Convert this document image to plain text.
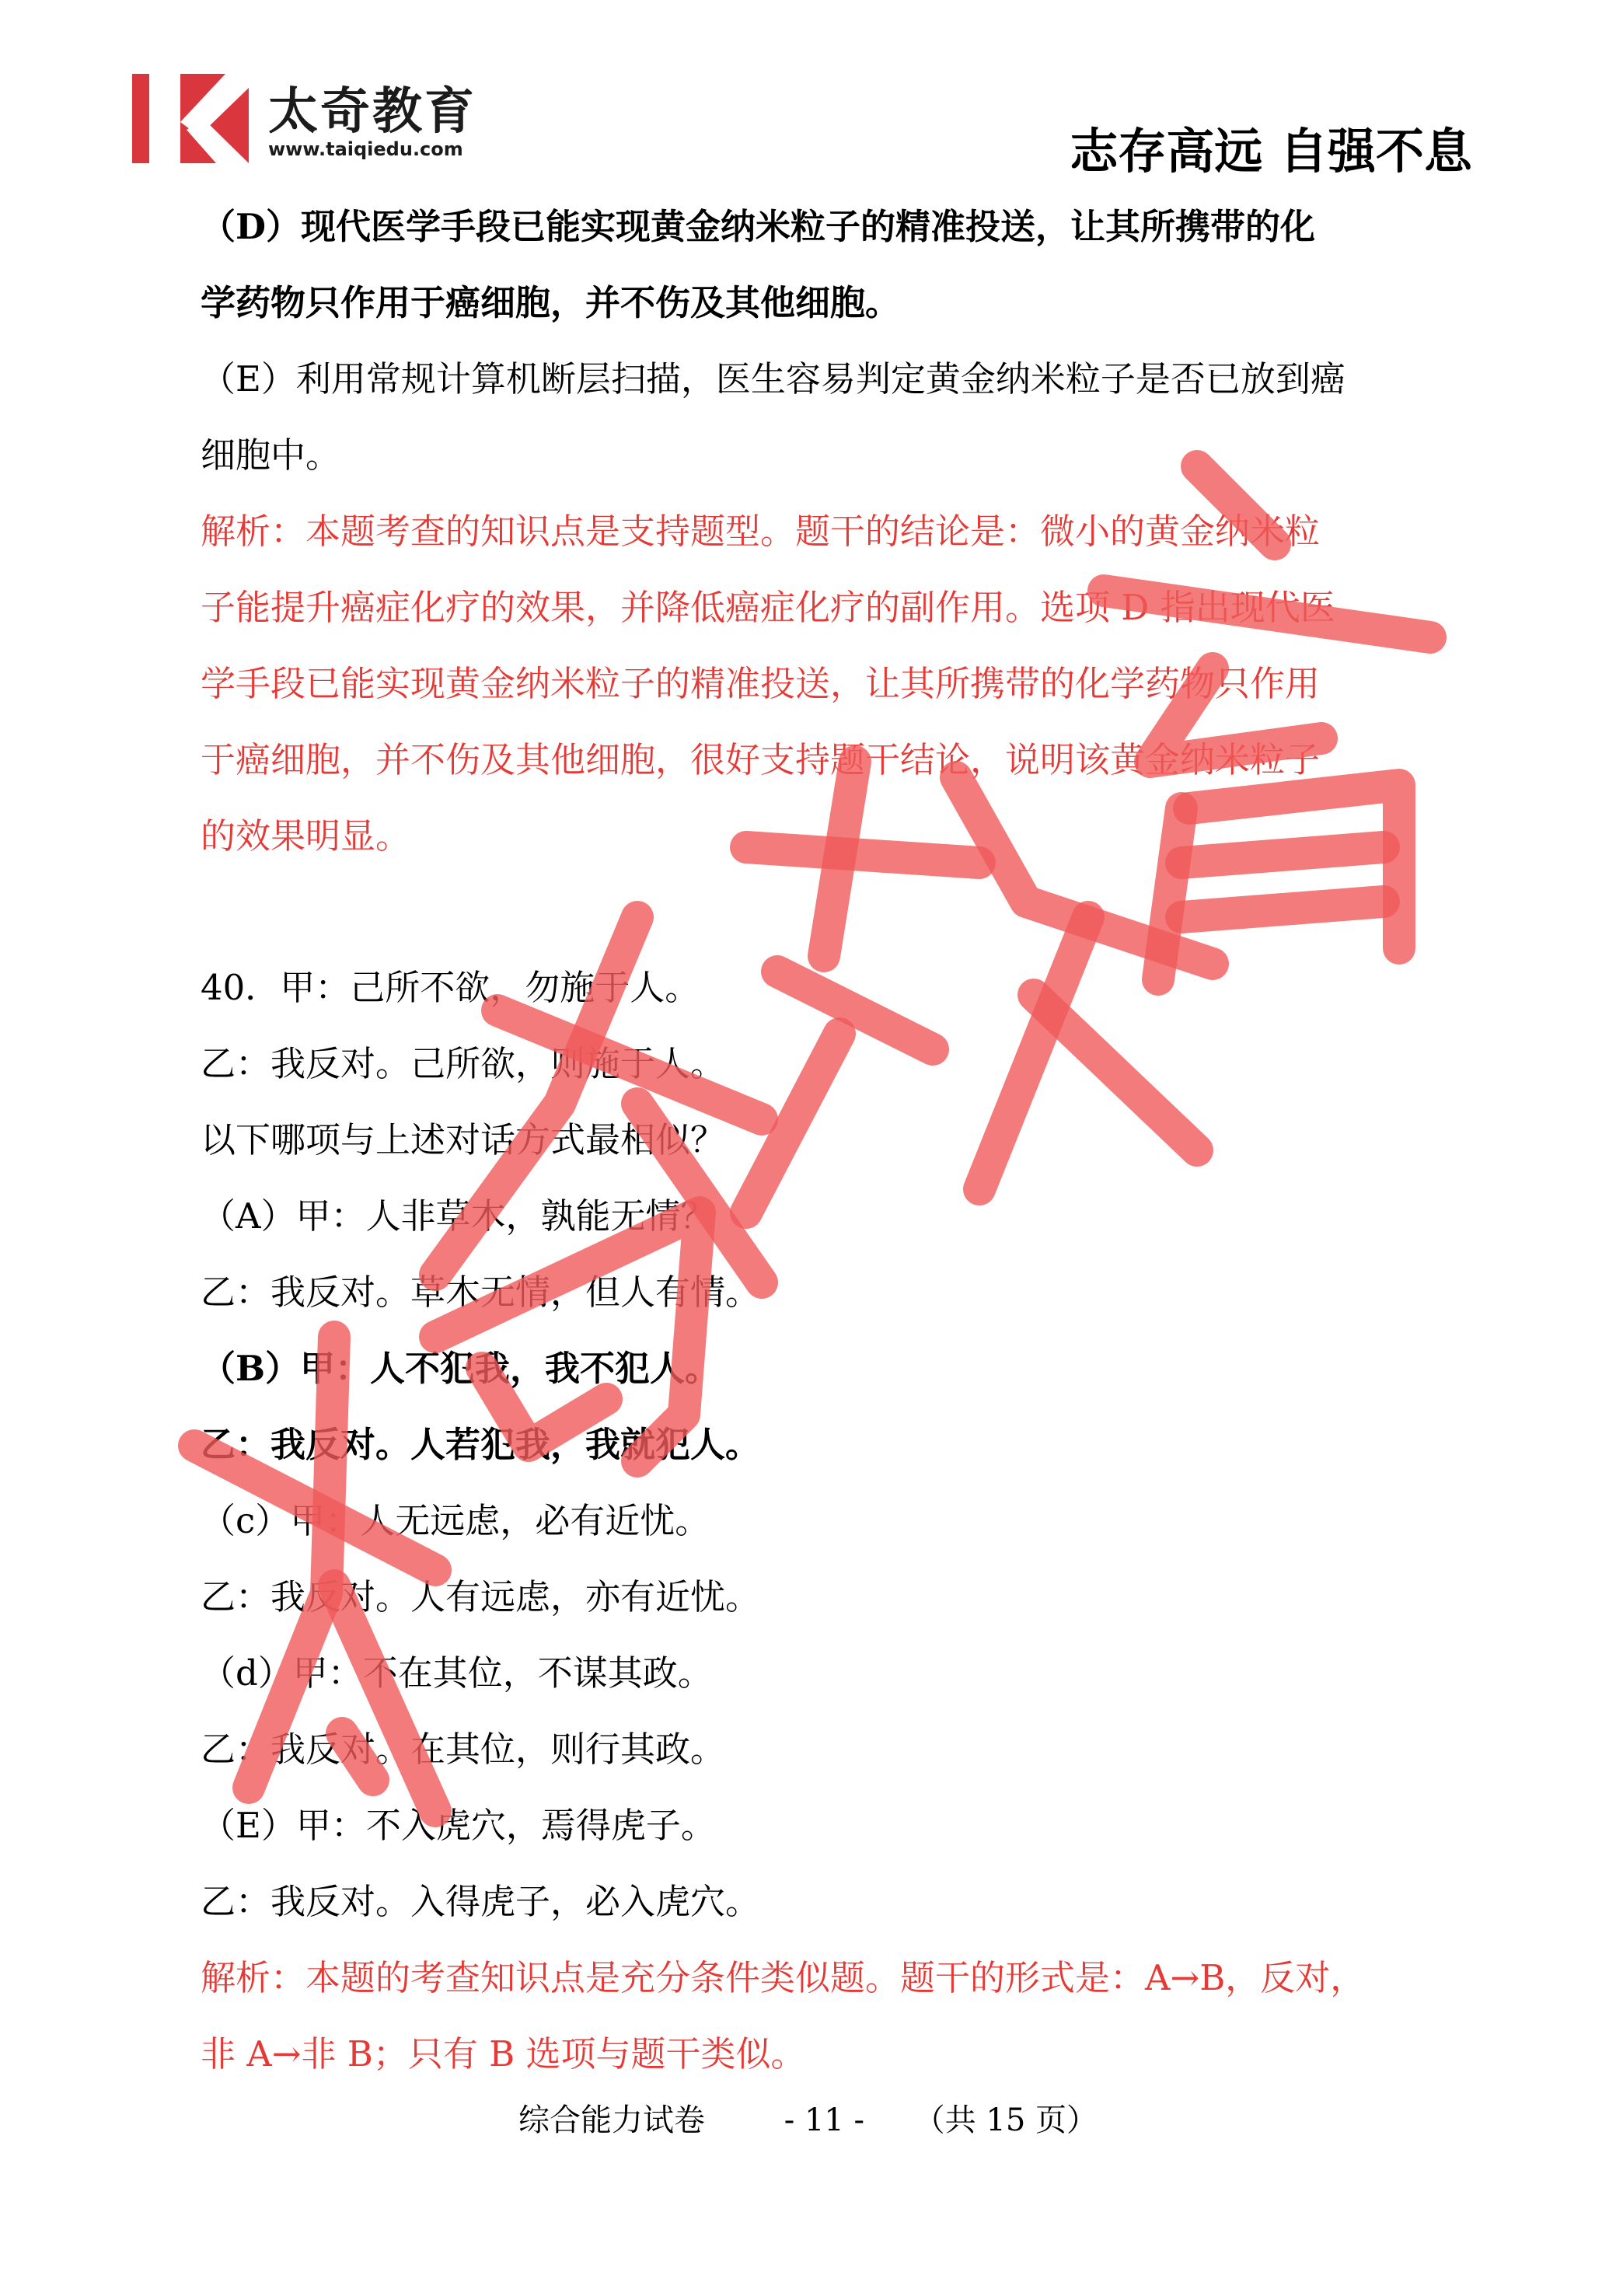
太奇教育
www.taiqiedu.com	志存高远 自强不息
（D）现代医学手段已能实现黄金纳米粒子的精准投送，让其所携带的化
学药物只作用于癌细胞，并不伤及其他细胞。
（E）利用常规计算机断层扫描，医生容易判定黄金纳米粒子是否已放到癌
细胞中。
解析：本题考查的知识点是支持题型。题干的结论是：微小的黄金纳米粒
子能提升癌症化疗的效果，并降低癌症化疗的副作用。选项 D 指出现代医
学手段已能实现黄金纳米粒子的精准投送，让其所携带的化学药物只作用
于癌细胞，并不伤及其他细胞，很好支持题干结论，说明该黄金纳米粒子
的效果明显。
40．甲：己所不欲，勿施于人。
乙：我反对。己所欲，则施于人。
以下哪项与上述对话方式最相似？
（A）甲：人非草木，孰能无情？
乙：我反对。草木无情，但人有情。
（B）甲：人不犯我，我不犯人。
乙：我反对。人若犯我，我就犯人。
（c）甲：人无远虑，必有近忧。
乙：我反对。人有远虑，亦有近忧。
（d）甲：不在其位，不谋其政。
乙：我反对。在其位，则行其政。
（E）甲：不入虎穴，焉得虎子。
乙：我反对。入得虎子，必入虎穴。
解析：本题的考查知识点是充分条件类似题。题干的形式是：A→B，反对，
非 A→非 B；只有 B 选项与题干类似。
综合能力试卷        - 11 -     （共 15 页）
